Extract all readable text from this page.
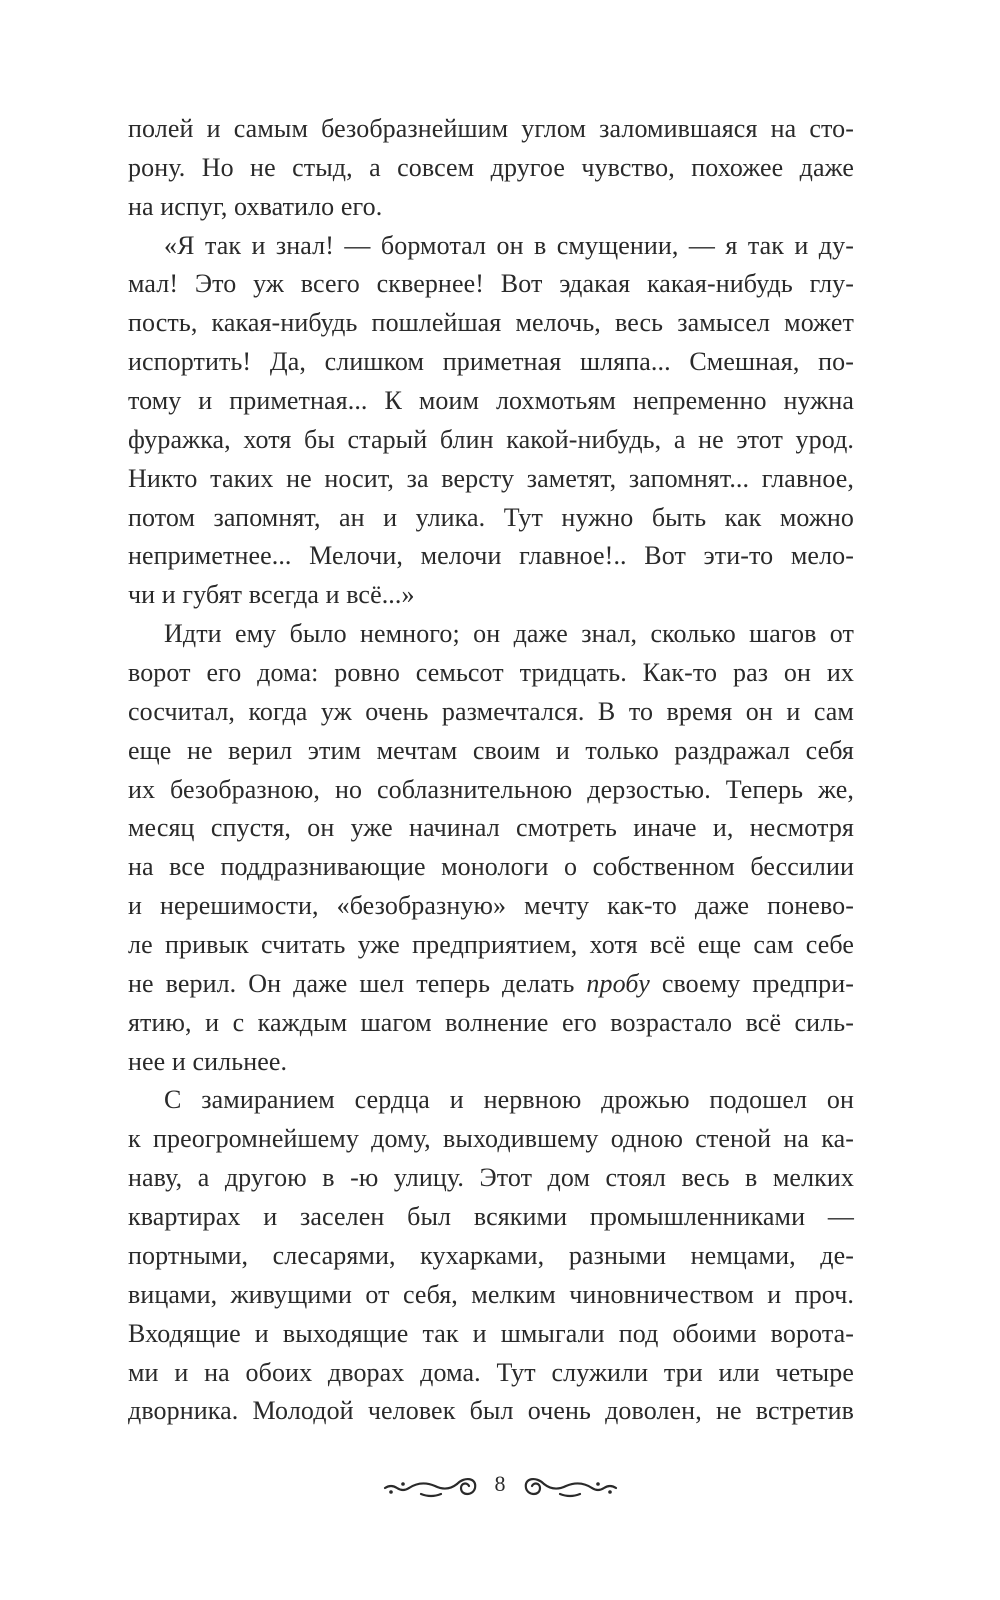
полей и самым безобразнейшим углом заломившаяся на сто-
рону. Но не стыд, а совсем другое чувство, похожее даже
на испуг, охватило его.
«Я так и знал! — бормотал он в смущении, — я так и ду-
мал! Это уж всего сквернее! Вот эдакая какая-нибудь глу-
пость, какая-нибудь пошлейшая мелочь, весь замысел может
испортить! Да, слишком приметная шляпа... Смешная, по-
тому и приметная... К моим лохмотьям непременно нужна
фуражка, хотя бы старый блин какой-нибудь, а не этот урод.
Никто таких не носит, за версту заметят, запомнят... главное,
потом запомнят, ан и улика. Тут нужно быть как можно
неприметнее... Мелочи, мелочи главное!.. Вот эти-то мело-
чи и губят всегда и всё...»
Идти ему было немного; он даже знал, сколько шагов от
ворот его дома: ровно семьсот тридцать. Как-то раз он их
сосчитал, когда уж очень размечтался. В то время он и сам
еще не верил этим мечтам своим и только раздражал себя
их безобразною, но соблазнительною дерзостью. Теперь же,
месяц спустя, он уже начинал смотреть иначе и, несмотря
на все поддразнивающие монологи о собственном бессилии
и нерешимости, «безобразную» мечту как-то даже понево-
ле привык считать уже предприятием, хотя всё еще сам себе
не верил. Он даже шел теперь делать пробу своему предпри-
ятию, и с каждым шагом волнение его возрастало всё силь-
нее и сильнее.
С замиранием сердца и нервною дрожью подошел он
к преогромнейшему дому, выходившему одною стеной на ка-
наву, а другою в -ю улицу. Этот дом стоял весь в мелких
квартирах и заселен был всякими промышленниками —
портными, слесарями, кухарками, разными немцами, де-
вицами, живущими от себя, мелким чиновничеством и проч.
Входящие и выходящие так и шмыгали под обоими ворота-
ми и на обоих дворах дома. Тут служили три или четыре
дворника. Молодой человек был очень доволен, не встретив
8
